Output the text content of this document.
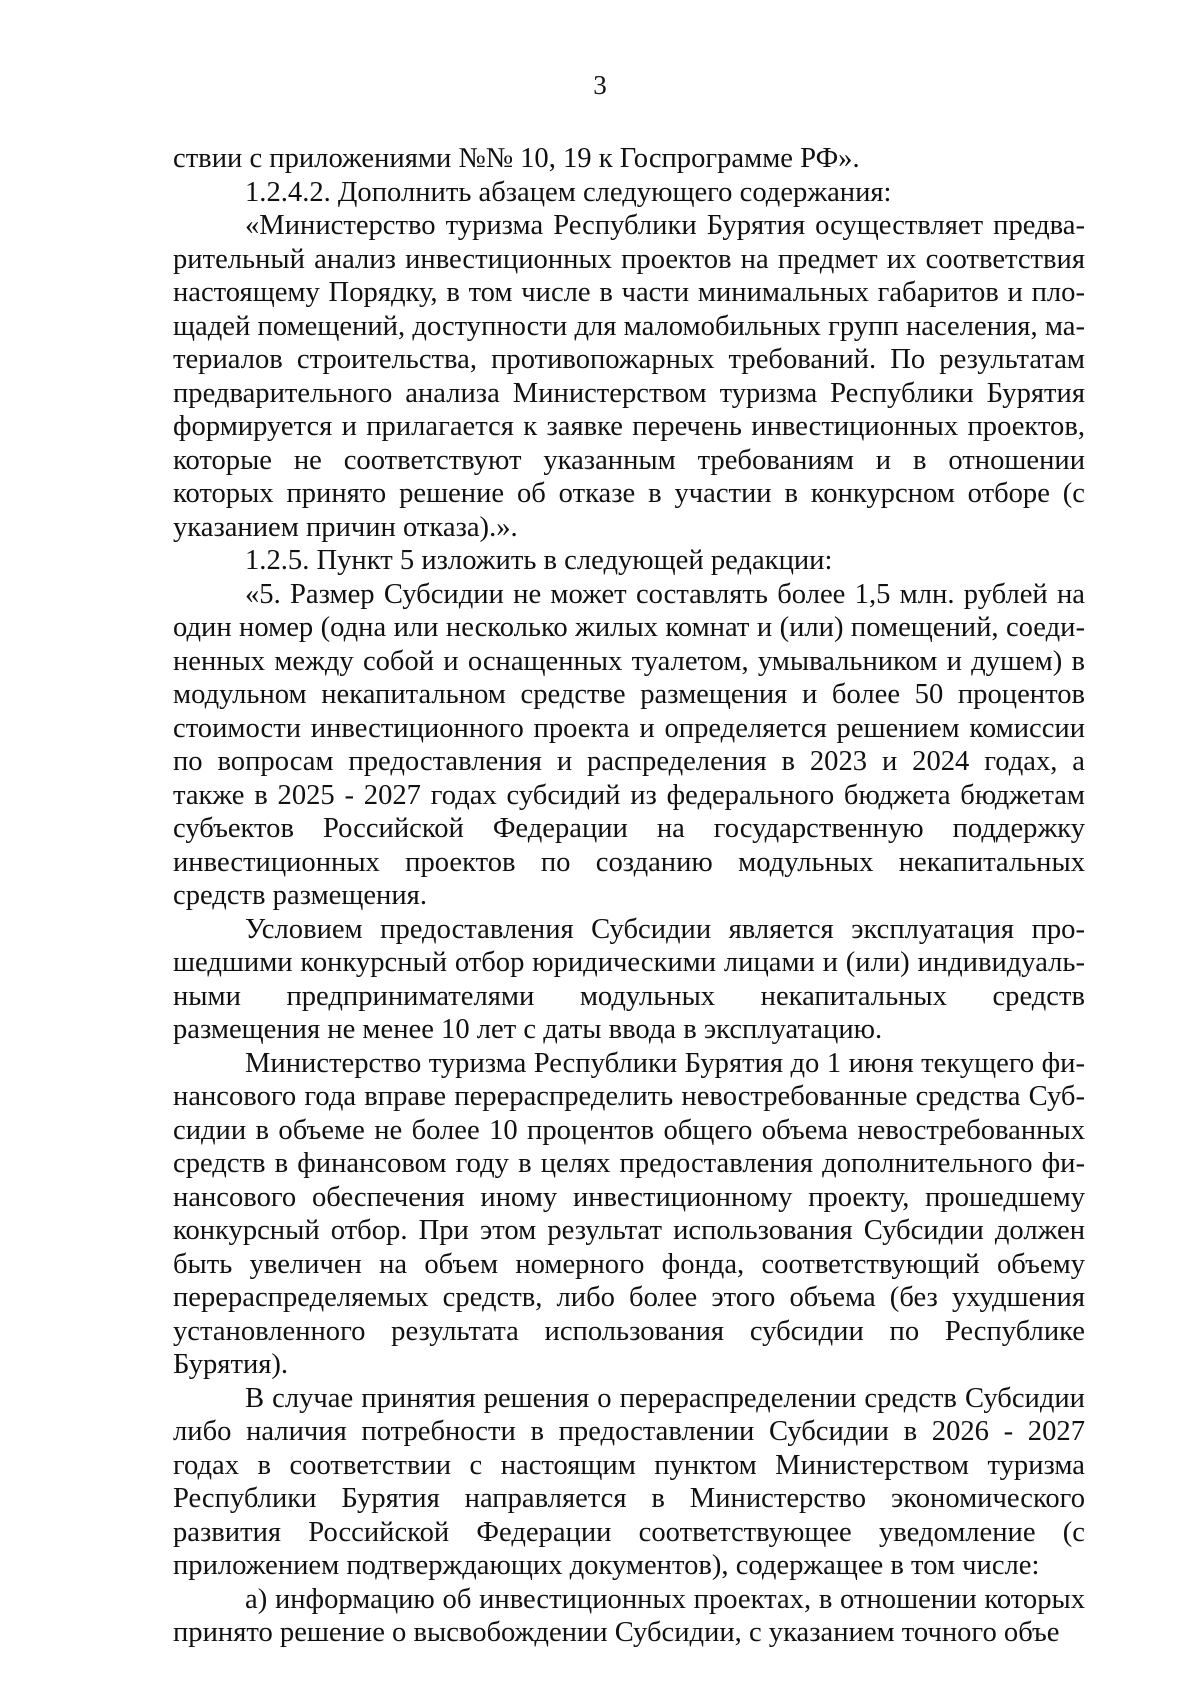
3

ствии с приложениями №№ 10, 19 к Госпрограмме РФ».

1.2.4.2. Дополнить абзацем следующего содержания:

«Министерство туризма Республики Бурятия осуществляет предварительный анализ инвестиционных проектов на предмет их соответствия настоящему Порядку, в том числе в части минимальных габаритов и площадей помещений, доступности для маломобильных групп населения, материалов строительства, противопожарных требований. По результатам предварительного анализа Министерством туризма Республики Бурятия формируется и прилагается к заявке перечень инвестиционных проектов, которые не соответствуют указанным требованиям и в отношении которых принято решение об отказе в участии в конкурсном отборе (с указанием причин отказа).».

1.2.5. Пункт 5 изложить в следующей редакции:

«5. Размер Субсидии не может составлять более 1,5 млн. рублей на один номер (одна или несколько жилых комнат и (или) помещений, соединенных между собой и оснащенных туалетом, умывальником и душем) в модульном некапитальном средстве размещения и более 50 процентов стоимости инвестиционного проекта и определяется решением комиссии по вопросам предоставления и распределения в 2023 и 2024 годах, а также в 2025 - 2027 годах субсидий из федерального бюджета бюджетам субъектов Российской Федерации на государственную поддержку инвестиционных проектов по созданию модульных некапитальных средств размещения.

Условием предоставления Субсидии является эксплуатация прошедшими конкурсный отбор юридическими лицами и (или) индивидуальными предпринимателями модульных некапитальных средств размещения не менее 10 лет с даты ввода в эксплуатацию.

Министерство туризма Республики Бурятия до 1 июня текущего финансового года вправе перераспределить невостребованные средства Субсидии в объеме не более 10 процентов общего объема невостребованных средств в финансовом году в целях предоставления дополнительного финансового обеспечения иному инвестиционному проекту, прошедшему конкурсный отбор. При этом результат использования Субсидии должен быть увеличен на объем номерного фонда, соответствующий объему перераспределяемых средств, либо более этого объема (без ухудшения установленного результата использования субсидии по Республике Бурятия).

В случае принятия решения о перераспределении средств Субсидии либо наличия потребности в предоставлении Субсидии в 2026 - 2027 годах в соответствии с настоящим пунктом Министерством туризма Республики Бурятия направляется в Министерство экономического развития Российской Федерации соответствующее уведомление (с приложением подтверждающих документов), содержащее в том числе:

а) информацию об инвестиционных проектах, в отношении которых принято решение о высвобождении Субсидии, с указанием точного объе
